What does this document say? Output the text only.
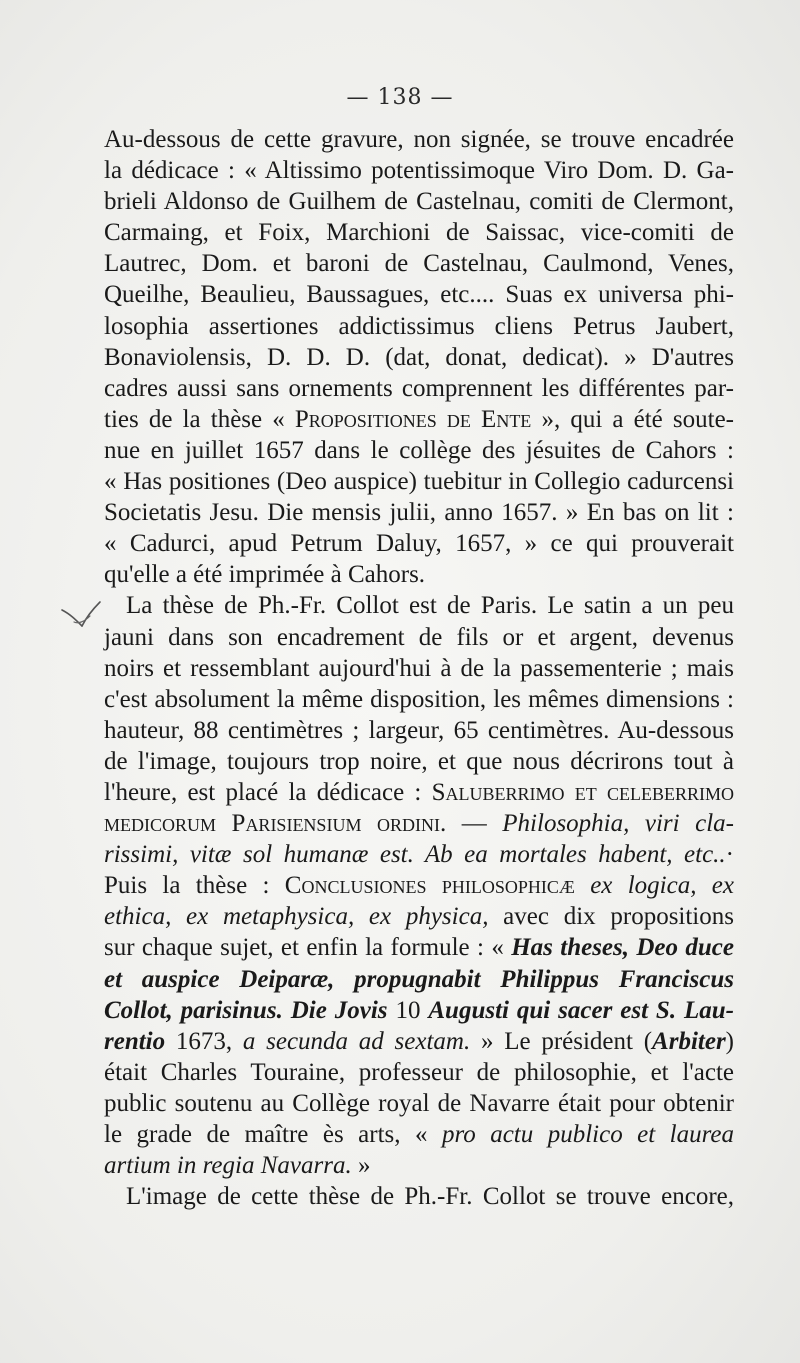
— 138 —
Au-dessous de cette gravure, non signée, se trouve encadrée
la dédicace : « Altissimo potentissimoque Viro Dom. D. Ga-
brieli Aldonso de Guilhem de Castelnau, comiti de Clermont,
Carmaing, et Foix, Marchioni de Saissac, vice-comiti de
Lautrec, Dom. et baroni de Castelnau, Caulmond, Venes,
Queilhe, Beaulieu, Baussagues, etc.... Suas ex universa phi-
losophia assertiones addictissimus cliens Petrus Jaubert,
Bonaviolensis, D. D. D. (dat, donat, dedicat). » D'autres
cadres aussi sans ornements comprennent les différentes par-
ties de la thèse « Propositiones de Ente », qui a été soute-
nue en juillet 1657 dans le collège des jésuites de Cahors :
« Has positiones (Deo auspice) tuebitur in Collegio cadurcensi
Societatis Jesu. Die mensis julii, anno 1657. » En bas on lit :
« Cadurci, apud Petrum Daluy, 1657, » ce qui prouverait
qu'elle a été imprimée à Cahors.
La thèse de Ph.-Fr. Collot est de Paris. Le satin a un peu
jauni dans son encadrement de fils or et argent, devenus
noirs et ressemblant aujourd'hui à de la passementerie ; mais
c'est absolument la même disposition, les mêmes dimensions :
hauteur, 88 centimètres ; largeur, 65 centimètres. Au-dessous
de l'image, toujours trop noire, et que nous décrirons tout à
l'heure, est placé la dédicace : Saluberrimo et celeberrimo
medicorum Parisiensium ordini. — Philosophia, viri cla-
rissimi, vitæ sol humanæ est. Ab ea mortales habent, etc..·
Puis la thèse : Conclusiones philosophicæ ex logica, ex
ethica, ex metaphysica, ex physica, avec dix propositions
sur chaque sujet, et enfin la formule : « Has theses, Deo duce
et auspice Deiparæ, propugnabit Philippus Franciscus
Collot, parisinus. Die Jovis 10 Augusti qui sacer est S. Lau-
rentio 1673, a secunda ad sextam. » Le président (Arbiter)
était Charles Touraine, professeur de philosophie, et l'acte
public soutenu au Collège royal de Navarre était pour obtenir
le grade de maître ès arts, « pro actu publico et laurea
artium in regia Navarra. »
L'image de cette thèse de Ph.-Fr. Collot se trouve encore,
